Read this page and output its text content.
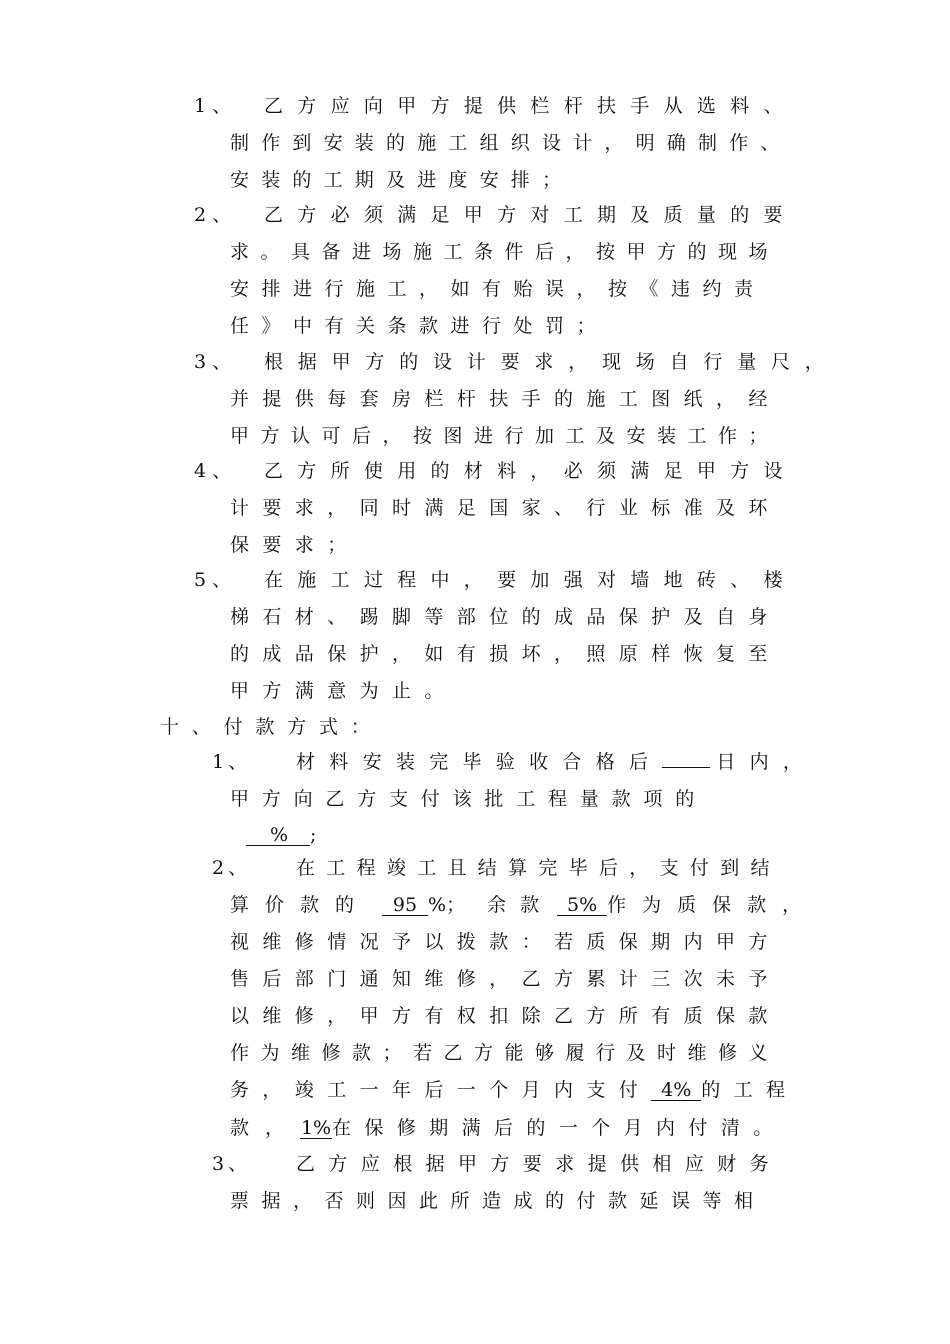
1、 乙方应向甲方提供栏杆扶手从选料、
制作到安装的施工组织设计，明确制作、
安装的工期及进度安排；
2、 乙方必须满足甲方对工期及质量的要
求。具备进场施工条件后，按甲方的现场
安排进行施工，如有贻误，按《违约责
任》中有关条款进行处罚；
3、 根据甲方的设计要求，现场自行量尺，
并提供每套房栏杆扶手的施工图纸，经
甲方认可后，按图进行加工及安装工作；
4、 乙方所使用的材料，必须满足甲方设
计要求，同时满足国家、行业标准及环
保要求；
5、 在施工过程中，要加强对墙地砖、楼
梯石材、踢脚等部位的成品保护及自身
的成品保护，如有损坏，照原样恢复至
甲方满意为止。
十、付款方式：
1、 材料安装完毕验收合格后	日内，
甲方向乙方支付该批工程量款项的
% ;
2、 在工程竣工且结算完毕后，支付到结
算价款的 95 %； 余款 5% 作为质保款，
视维修情况予以拨款：若质保期内甲方
售后部门通知维修，乙方累计三次未予
以维修，甲方有权扣除乙方所有质保款
作为维修款；若乙方能够履行及时维修义
务，竣工一年后一个月内支付 4% 的工程
款，1%在保修期满后的一个月内付清。
3、 乙方应根据甲方要求提供相应财务
票据，否则因此所造成的付款延误等相
